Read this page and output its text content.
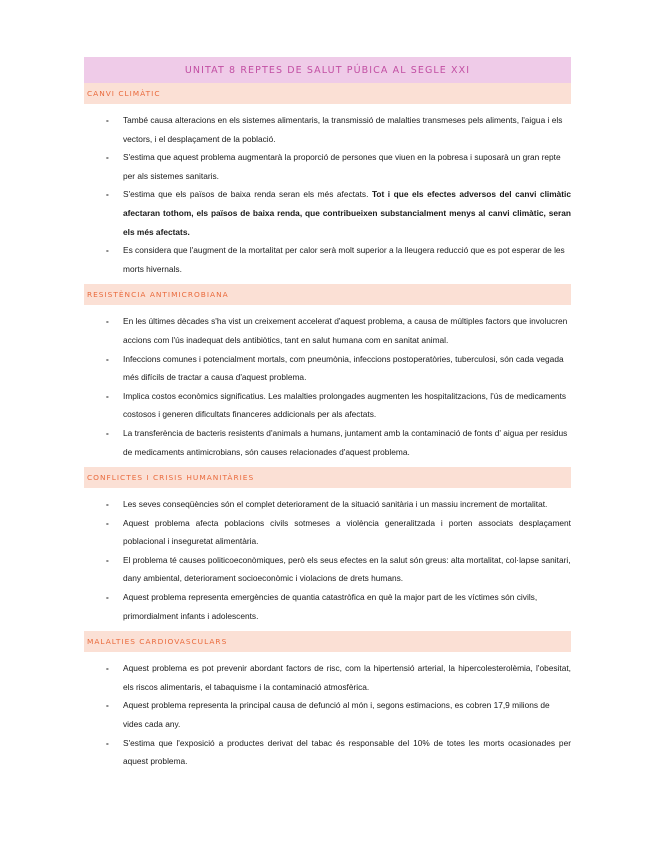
UNITAT 8 REPTES DE SALUT PÚBICA AL SEGLE XXI
CANVI CLIMÀTIC
- També causa alteracions en els sistemes alimentaris, la transmissió de malalties transmeses pels aliments, l'aigua i els vectors, i el desplaçament de la població.
- S'estima que aquest problema augmentarà la proporció de persones que viuen en la pobresa i suposarà un gran repte per als sistemes sanitaris.
- S'estima que els països de baixa renda seran els més afectats. Tot i que els efectes adversos del canvi climàtic afectaran tothom, els països de baixa renda, que contribueixen substancialment menys al canvi climàtic, seran els més afectats.
- Es considera que l'augment de la mortalitat per calor serà molt superior a la lleugera reducció que es pot esperar de les morts hivernals.
RESISTÈNCIA ANTIMICROBIANA
- En les últimes dècades s'ha vist un creixement accelerat d'aquest problema, a causa de múltiples factors que involucren accions com l'ús inadequat dels antibiòtics, tant en salut humana com en sanitat animal.
- Infeccions comunes i potencialment mortals, com pneumònia, infeccions postoperatòries, tuberculosi, són cada vegada més difícils de tractar a causa d'aquest problema.
- Implica costos econòmics significatius. Les malalties prolongades augmenten les hospitalitzacions, l'ús de medicaments costosos i generen dificultats financeres addicionals per als afectats.
- La transferència de bacteris resistents d'animals a humans, juntament amb la contaminació de fonts d' aigua per residus de medicaments antimicrobians, són causes relacionades d'aquest problema.
CONFLICTES I CRISIS HUMANITÀRIES
- Les seves conseqüències són el complet deteriorament de la situació sanitària i un massiu increment de mortalitat.
- Aquest problema afecta poblacions civils sotmeses a violència generalitzada i porten associats desplaçament poblacional i inseguretat alimentària.
- El problema té causes politicoeconòmiques, però els seus efectes en la salut són greus: alta mortalitat, col·lapse sanitari, dany ambiental, deteriorament socioeconòmic i violacions de drets humans.
- Aquest problema representa emergències de quantia catastròfica en què la major part de les víctimes són civils, primordialment infants i adolescents.
MALALTIES CARDIOVASCULARS
- Aquest problema es pot prevenir abordant factors de risc, com la hipertensió arterial, la hipercolesterolèmia, l'obesitat, els riscos alimentaris, el tabaquisme i la contaminació atmosfèrica.
- Aquest problema representa la principal causa de defunció al món i, segons estimacions, es cobren 17,9 milions de vides cada any.
- S'estima que l'exposició a productes derivat del tabac és responsable del 10% de totes les morts ocasionades per aquest problema.
